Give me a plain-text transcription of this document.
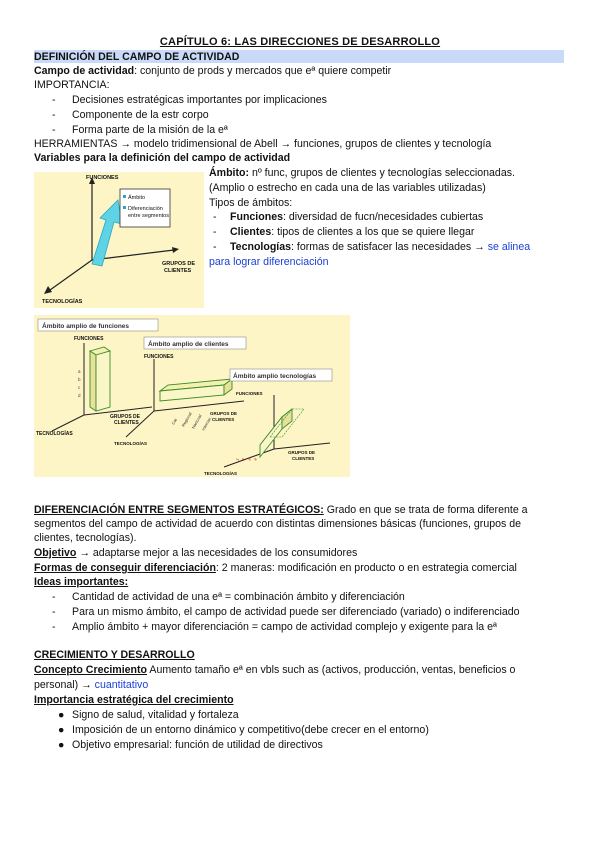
CAPÍTULO 6: LAS DIRECCIONES DE DESARROLLO
DEFINICIÓN DEL CAMPO DE ACTIVIDAD
Campo de actividad: conjunto de prods y mercados que eª quiere competir
IMPORTANCIA:
- Decisiones estratégicas importantes por implicaciones
- Componente de la estr corpo
- Forma parte de la misión de la eª
HERRAMIENTAS → modelo tridimensional de Abell → funciones, grupos de clientes y tecnología
Variables para la definición del campo de actividad
Ámbito: nº func, grupos de clientes y tecnologías seleccionadas.
(Amplio o estrecho en cada una de las variables utilizadas)
Tipos de ámbitos:
- Funciones: diversidad de fucn/necesidades cubiertas
- Clientes: tipos de clientes a los que se quiere llegar
- Tecnologías: formas de satisfacer las necesidades → se alinea
para lograr diferenciación
Ámbito
Diferenciación
entre segmentos
FUNCIONES
GRUPOS DE
CLIENTES
TECNOLOGÍAS
Ámbito amplio de funciones
FUNCIONES
GRUPOS DE
CLIENTES
TECNOLOGÍAS
a
b
c
d
Ámbito amplio de clientes
FUNCIONES
GRUPOS DE
CLIENTES
TECNOLOGÍAS
Cat Regional
Nacional
Internac.
Ámbito amplio tecnologías
FUNCIONES
GRUPOS DE
CLIENTES
TECNOLOGÍAS
1 2 3 4
DIFERENCIACIÓN ENTRE SEGMENTOS ESTRATÉGICOS: Grado en que se trata de forma diferente a
segmentos del campo de actividad de acuerdo con distintas dimensiones básicas (funciones, grupos de
clientes, tecnologías).
Objetivo → adaptarse mejor a las necesidades de los consumidores
Formas de conseguir diferenciación: 2 maneras: modificación en producto o en estrategia comercial
Ideas importantes:
- Cantidad de actividad de una eª = combinación ámbito y diferenciación
- Para un mismo ámbito, el campo de actividad puede ser diferenciado (variado) o indiferenciado
- Amplio ámbito + mayor diferenciación = campo de actividad complejo y exigente para la eª
CRECIMIENTO Y DESARROLLO
Concepto Crecimiento Aumento tamaño eª en vbls such as (activos, producción, ventas, beneficios o
personal) → cuantitativo
Importancia estratégica del crecimiento
● Signo de salud, vitalidad y fortaleza
● Imposición de un entorno dinámico y competitivo(debe crecer en el entorno)
● Objetivo empresarial: función de utilidad de directivos
